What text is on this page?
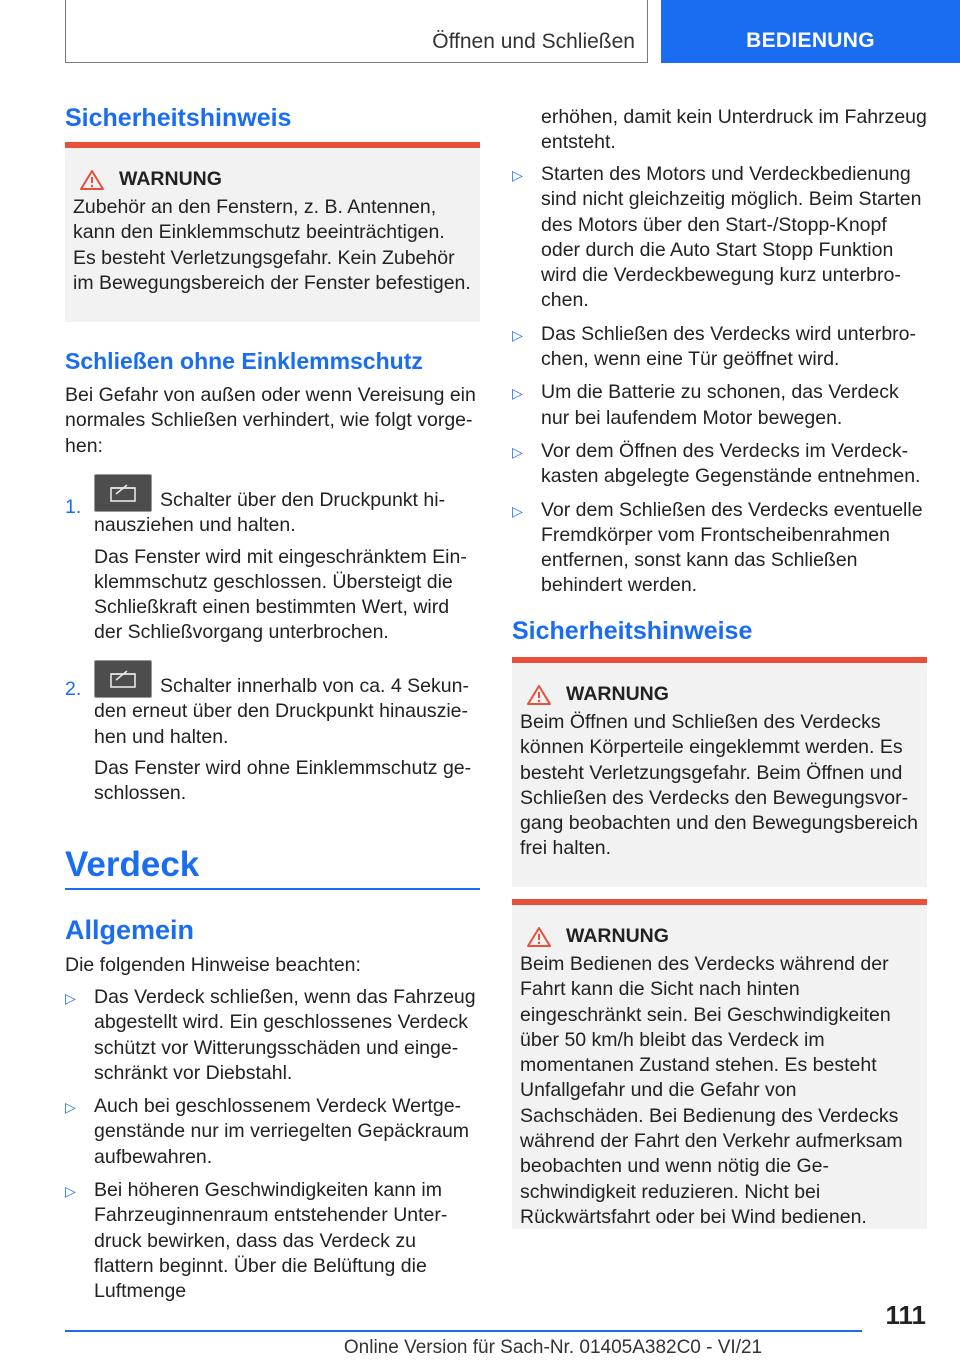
Öffnen und Schließen	BEDIENUNG
Sicherheitshinweis
WARNUNG
Zubehör an den Fenstern, z. B. Antennen, kann den Einklemmschutz beeinträchtigen. Es besteht Verletzungsgefahr. Kein Zubehör im Bewegungsbereich der Fenster befestigen.
Schließen ohne Einklemmschutz

Bei Gefahr von außen oder wenn Vereisung ein normales Schließen verhindert, wie folgt vorgehen:

1.	Schalter über den Druckpunkt hinausziehen und halten.
Das Fenster wird mit eingeschränktem Einklemmschutz geschlossen. Übersteigt die Schließkraft einen bestimmten Wert, wird der Schließvorgang unterbrochen.
2.	Schalter innerhalb von ca. 4 Sekunden erneut über den Druckpunkt hinausziehen und halten.
Das Fenster wird ohne Einklemmschutz geschlossen.
Verdeck
Allgemein

Die folgenden Hinweise beachten:

▷ Das Verdeck schließen, wenn das Fahrzeug abgestellt wird. Ein geschlossenes Verdeck schützt vor Witterungsschäden und eingeschränkt vor Diebstahl.
▷ Auch bei geschlossenem Verdeck Wertgegenstände nur im verriegelten Gepäckraum aufbewahren.
▷ Bei höheren Geschwindigkeiten kann im Fahrzeuginnenraum entstehender Unterdruck bewirken, dass das Verdeck zu flattern beginnt. Über die Belüftung die Luftmenge

erhöhen, damit kein Unterdruck im Fahrzeug entsteht.

▷ Starten des Motors und Verdeckbedienung sind nicht gleichzeitig möglich. Beim Starten des Motors über den Start-/Stopp-Knopf oder durch die Auto Start Stopp Funktion wird die Verdeckbewegung kurz unterbrochen.
▷ Das Schließen des Verdecks wird unterbrochen, wenn eine Tür geöffnet wird.
▷ Um die Batterie zu schonen, das Verdeck nur bei laufendem Motor bewegen.
▷ Vor dem Öffnen des Verdecks im Verdeckkasten abgelegte Gegenstände entnehmen.
▷ Vor dem Schließen des Verdecks eventuelle Fremdkörper vom Frontscheibenrahmen entfernen, sonst kann das Schließen behindert werden.
Sicherheitshinweise
WARNUNG
Beim Öffnen und Schließen des Verdecks können Körperteile eingeklemmt werden. Es besteht Verletzungsgefahr. Beim Öffnen und Schließen des Verdecks den Bewegungsvorgang beobachten und den Bewegungsbereich frei halten.
WARNUNG
Beim Bedienen des Verdecks während der Fahrt kann die Sicht nach hinten eingeschränkt sein. Bei Geschwindigkeiten über 50 km/h bleibt das Verdeck im momentanen Zustand stehen. Es besteht Unfallgefahr und die Gefahr von Sachschäden. Bei Bedienung des Verdecks während der Fahrt den Verkehr aufmerksam beobachten und wenn nötig die Geschwindigkeit reduzieren. Nicht bei Rückwärtsfahrt oder bei Wind bedienen.
111
Online Version für Sach-Nr. 01405A382C0 - VI/21
